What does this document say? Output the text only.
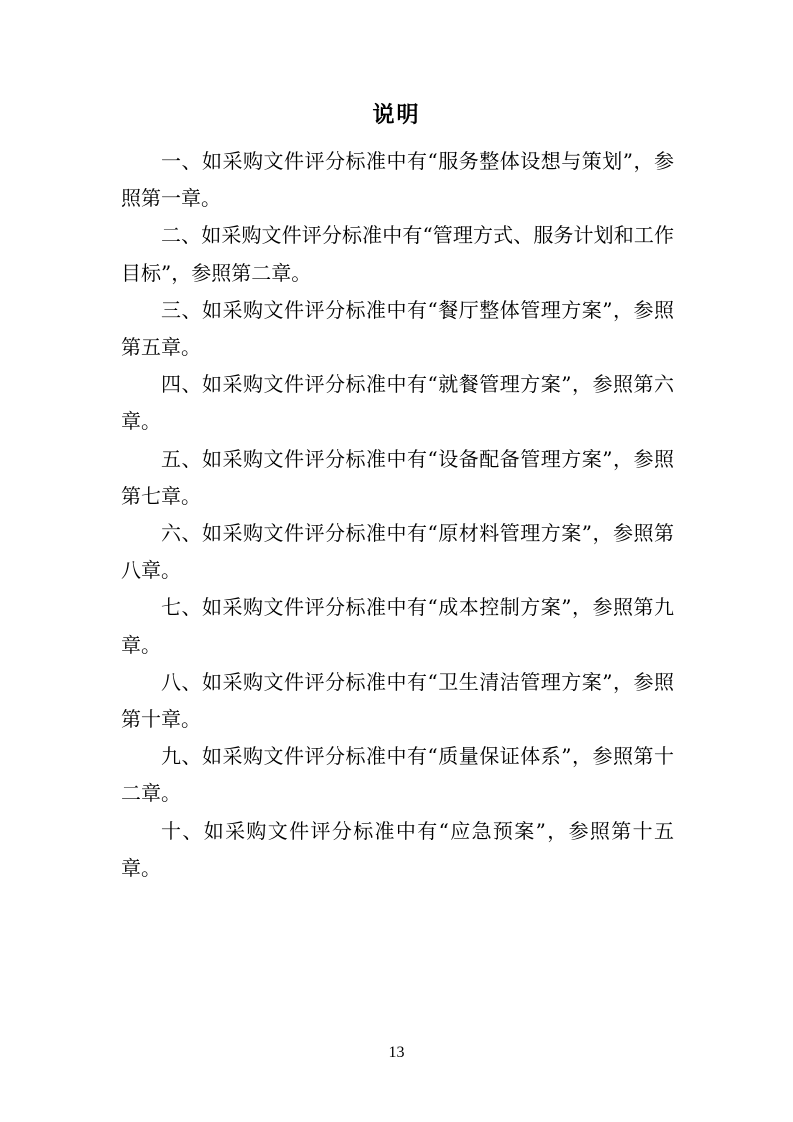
说明

一、如采购文件评分标准中有“服务整体设想与策划”，参照第一章。

二、如采购文件评分标准中有“管理方式、服务计划和工作目标”，参照第二章。

三、如采购文件评分标准中有“餐厅整体管理方案”，参照第五章。

四、如采购文件评分标准中有“就餐管理方案”，参照第六章。

五、如采购文件评分标准中有“设备配备管理方案”，参照第七章。

六、如采购文件评分标准中有“原材料管理方案”，参照第八章。

七、如采购文件评分标准中有“成本控制方案”，参照第九章。

八、如采购文件评分标准中有“卫生清洁管理方案”，参照第十章。

九、如采购文件评分标准中有“质量保证体系”，参照第十二章。

十、如采购文件评分标准中有“应急预案”，参照第十五章。

13
